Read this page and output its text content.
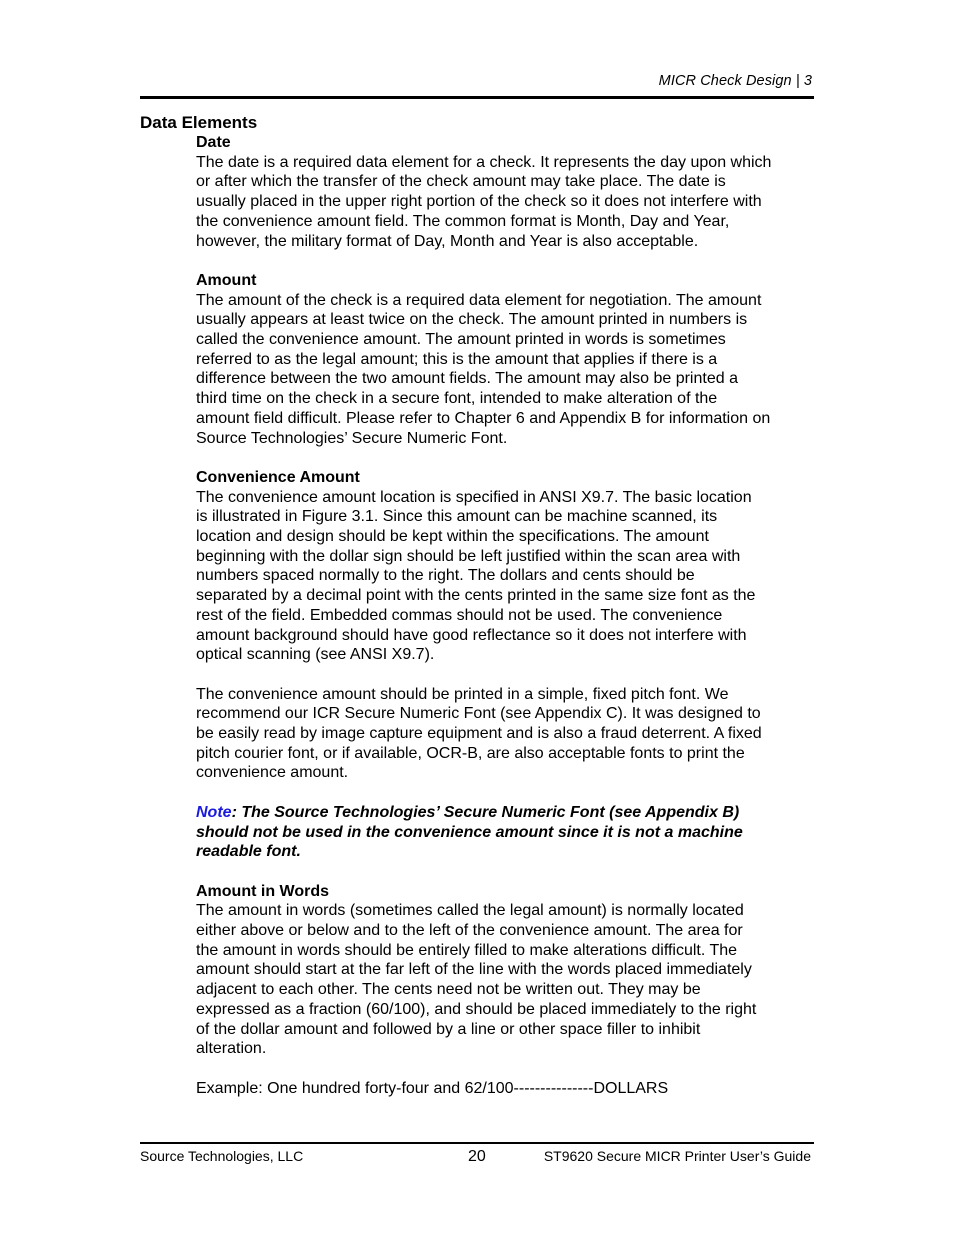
MICR Check Design | 3
Data Elements

Date

The date is a required data element for a check. It represents the day upon which
or after which the transfer of the check amount may take place. The date is
usually placed in the upper right portion of the check so it does not interfere with
the convenience amount field. The common format is Month, Day and Year,
however, the military format of Day, Month and Year is also acceptable.

Amount

The amount of the check is a required data element for negotiation. The amount
usually appears at least twice on the check. The amount printed in numbers is
called the convenience amount. The amount printed in words is sometimes
referred to as the legal amount; this is the amount that applies if there is a
difference between the two amount fields. The amount may also be printed a
third time on the check in a secure font, intended to make alteration of the
amount field difficult. Please refer to Chapter 6 and Appendix B for information on
Source Technologies’ Secure Numeric Font.

Convenience Amount

The convenience amount location is specified in ANSI X9.7. The basic location
is illustrated in Figure 3.1. Since this amount can be machine scanned, its
location and design should be kept within the specifications. The amount
beginning with the dollar sign should be left justified within the scan area with
numbers spaced normally to the right. The dollars and cents should be
separated by a decimal point with the cents printed in the same size font as the
rest of the field. Embedded commas should not be used. The convenience
amount background should have good reflectance so it does not interfere with
optical scanning (see ANSI X9.7).

The convenience amount should be printed in a simple, fixed pitch font. We
recommend our ICR Secure Numeric Font (see Appendix C). It was designed to
be easily read by image capture equipment and is also a fraud deterrent. A fixed
pitch courier font, or if available, OCR-B, are also acceptable fonts to print the
convenience amount.

Note: The Source Technologies’ Secure Numeric Font (see Appendix B)
should not be used in the convenience amount since it is not a machine
readable font.

Amount in Words

The amount in words (sometimes called the legal amount) is normally located
either above or below and to the left of the convenience amount. The area for
the amount in words should be entirely filled to make alterations difficult. The
amount should start at the far left of the line with the words placed immediately
adjacent to each other. The cents need not be written out. They may be
expressed as a fraction (60/100), and should be placed immediately to the right
of the dollar amount and followed by a line or other space filler to inhibit
alteration.

Example: One hundred forty-four and 62/100---------------DOLLARS

Source Technologies, LLC	20	ST9620 Secure MICR Printer User’s Guide
